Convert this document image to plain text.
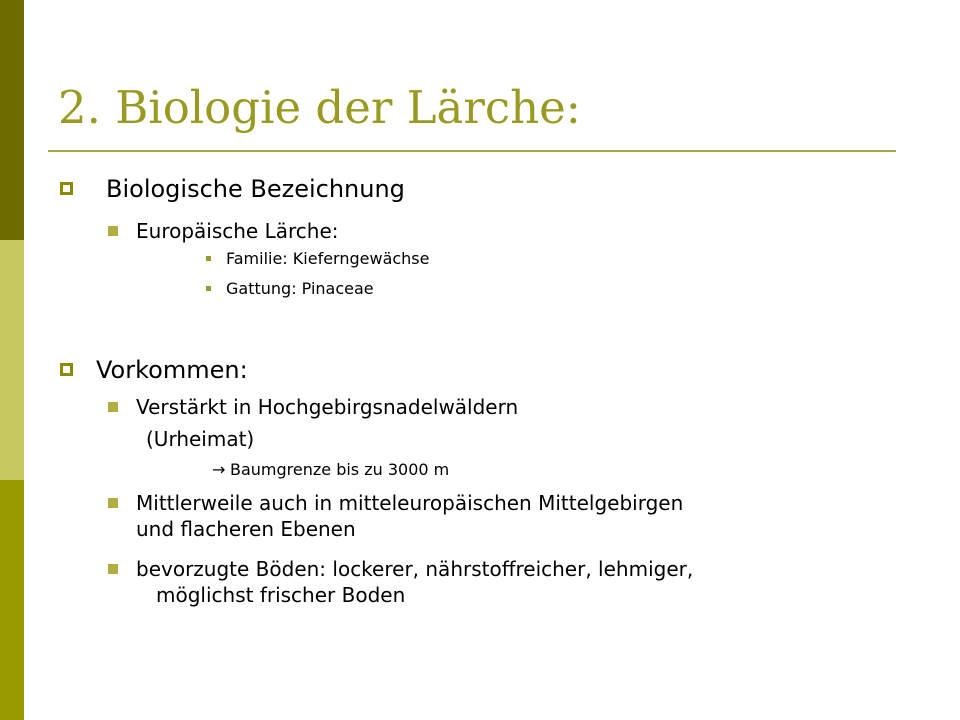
2. Biologie der Lärche:
Biologische Bezeichnung
Europäische Lärche:
Familie: Kieferngewächse
Gattung: Pinaceae
Vorkommen:
Verstärkt in Hochgebirgsnadelwäldern
(Urheimat)
→ Baumgrenze bis zu 3000 m
Mittlerweile auch in mitteleuropäischen Mittelgebirgen
und flacheren Ebenen
bevorzugte Böden: lockerer, nährstoffreicher, lehmiger,
möglichst frischer Boden
